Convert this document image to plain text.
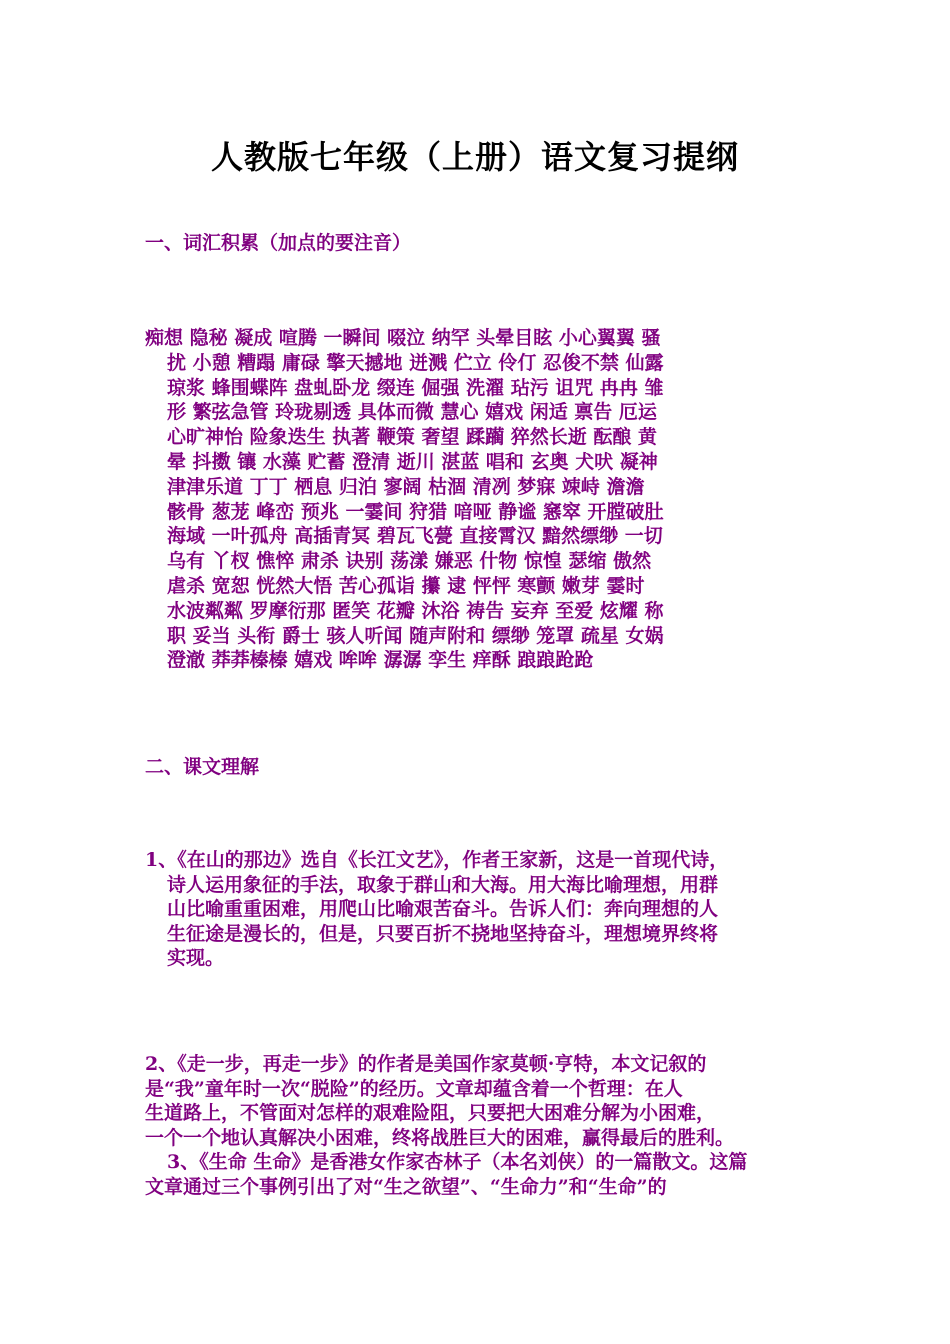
人教版七年级（上册）语文复习提纲
一、词汇积累（加点的要注音）
痴想 隐秘 凝成 喧腾 一瞬间 啜泣 纳罕 头晕目眩 小心翼翼 骚
扰 小憩 糟蹋 庸碌 擎天撼地 迸溅 伫立 伶仃 忍俊不禁 仙露
琼浆 蜂围蝶阵 盘虬卧龙 缀连 倔强 洗濯 玷污 诅咒 冉冉 雏
形 繁弦急管 玲珑剔透 具体而微 慧心 嬉戏 闲适 禀告 厄运
心旷神怡 险象迭生 执著 鞭策 奢望 蹂躏 猝然长逝 酝酿 黄
晕 抖擞 镶 水藻 贮蓄 澄清 逝川 湛蓝 唱和 玄奥 犬吠 凝神
津津乐道 丁丁 栖息 归泊 寥阔 枯涸 清冽 梦寐 竦峙 澹澹
骸骨 葱茏 峰峦 预兆 一霎间 狩猎 喑哑 静谧 窸窣 开膛破肚
海域 一叶孤舟 高插青冥 碧瓦飞甍 直接霄汉 黯然缥缈 一切
乌有 丫杈 憔悴 肃杀 诀别 荡漾 嫌恶 什物 惊惶 瑟缩 傲然
虐杀 宽恕 恍然大悟 苦心孤诣 攥 逮 怦怦 寒颤 嫩芽 霎时
水波粼粼 罗摩衍那 匿笑 花瓣 沐浴 祷告 妄弃 至爱 炫耀 称
职 妥当 头衔 爵士 骇人听闻 随声附和 缥缈 笼罩 疏星 女娲
澄澈 莽莽榛榛 嬉戏 哞哞 潺潺 孪生 痒酥 踉踉跄跄
二、课文理解
1、《在山的那边》选自《长江文艺》，作者王家新，这是一首现代诗，
诗人运用象征的手法，取象于群山和大海。用大海比喻理想，用群
山比喻重重困难，用爬山比喻艰苦奋斗。告诉人们：奔向理想的人
生征途是漫长的，但是，只要百折不挠地坚持奋斗，理想境界终将
实现。
2、《走一步，再走一步》的作者是美国作家莫顿·亨特，本文记叙的
是“我”童年时一次“脱险”的经历。文章却蕴含着一个哲理：在人
生道路上，不管面对怎样的艰难险阻，只要把大困难分解为小困难，
一个一个地认真解决小困难，终将战胜巨大的困难，赢得最后的胜利。
3、《生命 生命》是香港女作家杏林子（本名刘侠）的一篇散文。这篇
文章通过三个事例引出了对“生之欲望”、“生命力”和“生命”的
